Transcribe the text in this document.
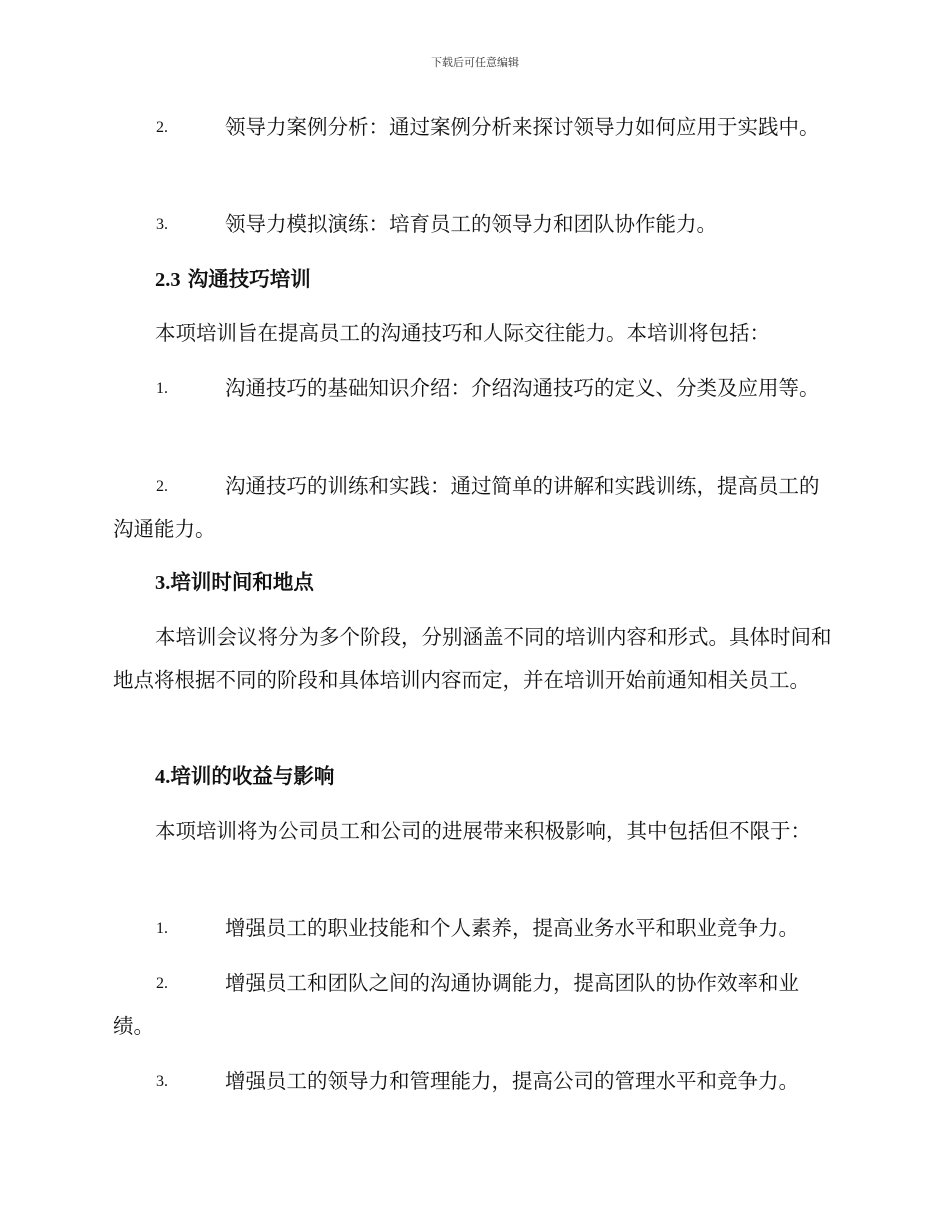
下载后可任意编辑
2.	领导力案例分析：通过案例分析来探讨领导力如何应用于实践中。
3.	领导力模拟演练：培育员工的领导力和团队协作能力。
2.3 沟通技巧培训
本项培训旨在提高员工的沟通技巧和人际交往能力。本培训将包括：
1.	沟通技巧的基础知识介绍：介绍沟通技巧的定义、分类及应用等。
2.	沟通技巧的训练和实践：通过简单的讲解和实践训练，提高员工的沟通能力。
3.培训时间和地点
本培训会议将分为多个阶段，分别涵盖不同的培训内容和形式。具体时间和地点将根据不同的阶段和具体培训内容而定，并在培训开始前通知相关员工。
4.培训的收益与影响
本项培训将为公司员工和公司的进展带来积极影响，其中包括但不限于：
1.	增强员工的职业技能和个人素养，提高业务水平和职业竞争力。
2.	增强员工和团队之间的沟通协调能力，提高团队的协作效率和业绩。
3.	增强员工的领导力和管理能力，提高公司的管理水平和竞争力。
